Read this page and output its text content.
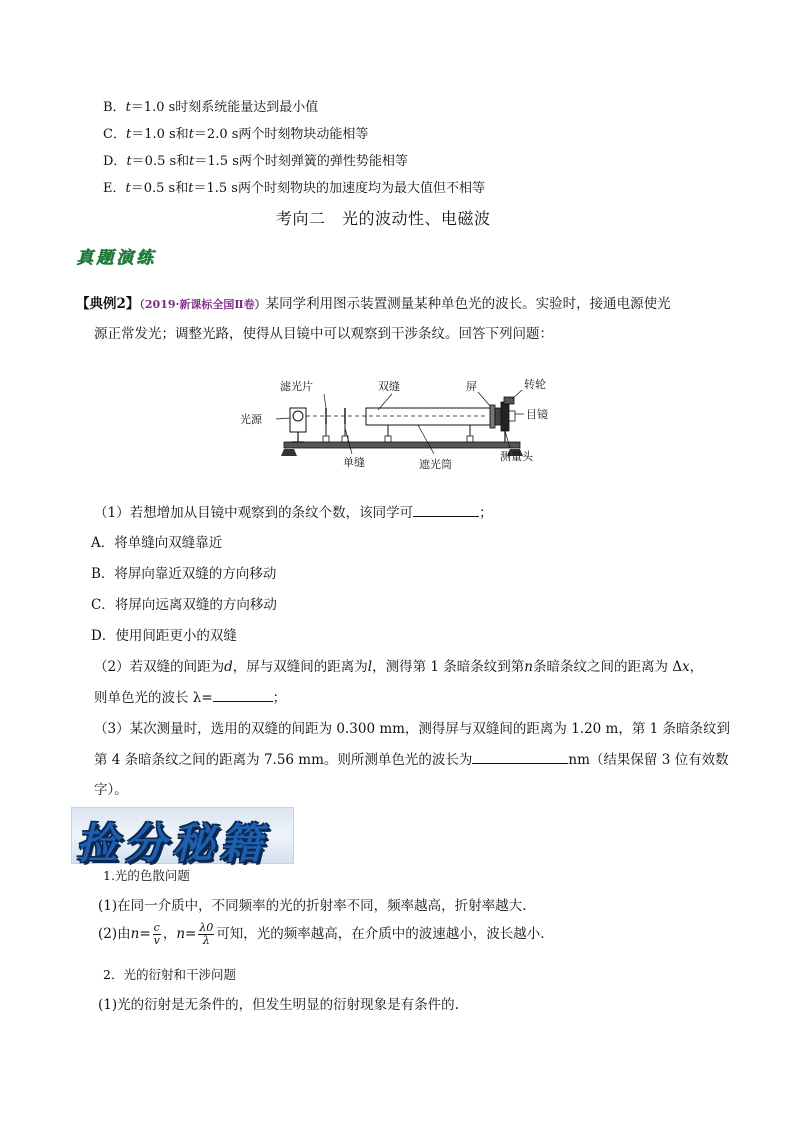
B．t＝1.0 s时刻系统能量达到最小值
C．t＝1.0 s和t＝2.0 s两个时刻物块动能相等
D．t＝0.5 s和t＝1.5 s两个时刻弹簧的弹性势能相等
E．t＝0.5 s和t＝1.5 s两个时刻物块的加速度均为最大值但不相等
考向二　光的波动性、电磁波
真题演练
【典例2】（2019·新课标全国Ⅱ卷）某同学利用图示装置测量某种单色光的波长。实验时，接通电源使光
源正常发光；调整光路，使得从目镜中可以观察到干涉条纹。回答下列问题：
滤光片	双缝	屏	转轮
光源	目镜
单缝	遮光筒
测量头
（1）若想增加从目镜中观察到的条纹个数，该同学可	；
A．将单缝向双缝靠近
B．将屏向靠近双缝的方向移动
C．将屏向远离双缝的方向移动
D．使用间距更小的双缝
（2）若双缝的间距为d，屏与双缝间的距离为l，测得第 1 条暗条纹到第n条暗条纹之间的距离为 Δx，
则单色光的波长 λ=	；
（3）某次测量时，选用的双缝的间距为 0.300 mm，测得屏与双缝间的距离为 1.20 m，第 1 条暗条纹到
第 4 条暗条纹之间的距离为 7.56 mm。则所测单色光的波长为	nm（结果保留 3 位有效数
字）。
捡分秘籍
1.光的色散问题
(1)在同一介质中，不同频率的光的折射率不同，频率越高，折射率越大.
(2)由$n= \frac{c}{v}$ ，$n= \frac{\lambda 0}{\lambda}$ 可知，光的频率越高，在介质中的波速越小，波长越小.
2．光的衍射和干涉问题
(1)光的衍射是无条件的，但发生明显的衍射现象是有条件的.
